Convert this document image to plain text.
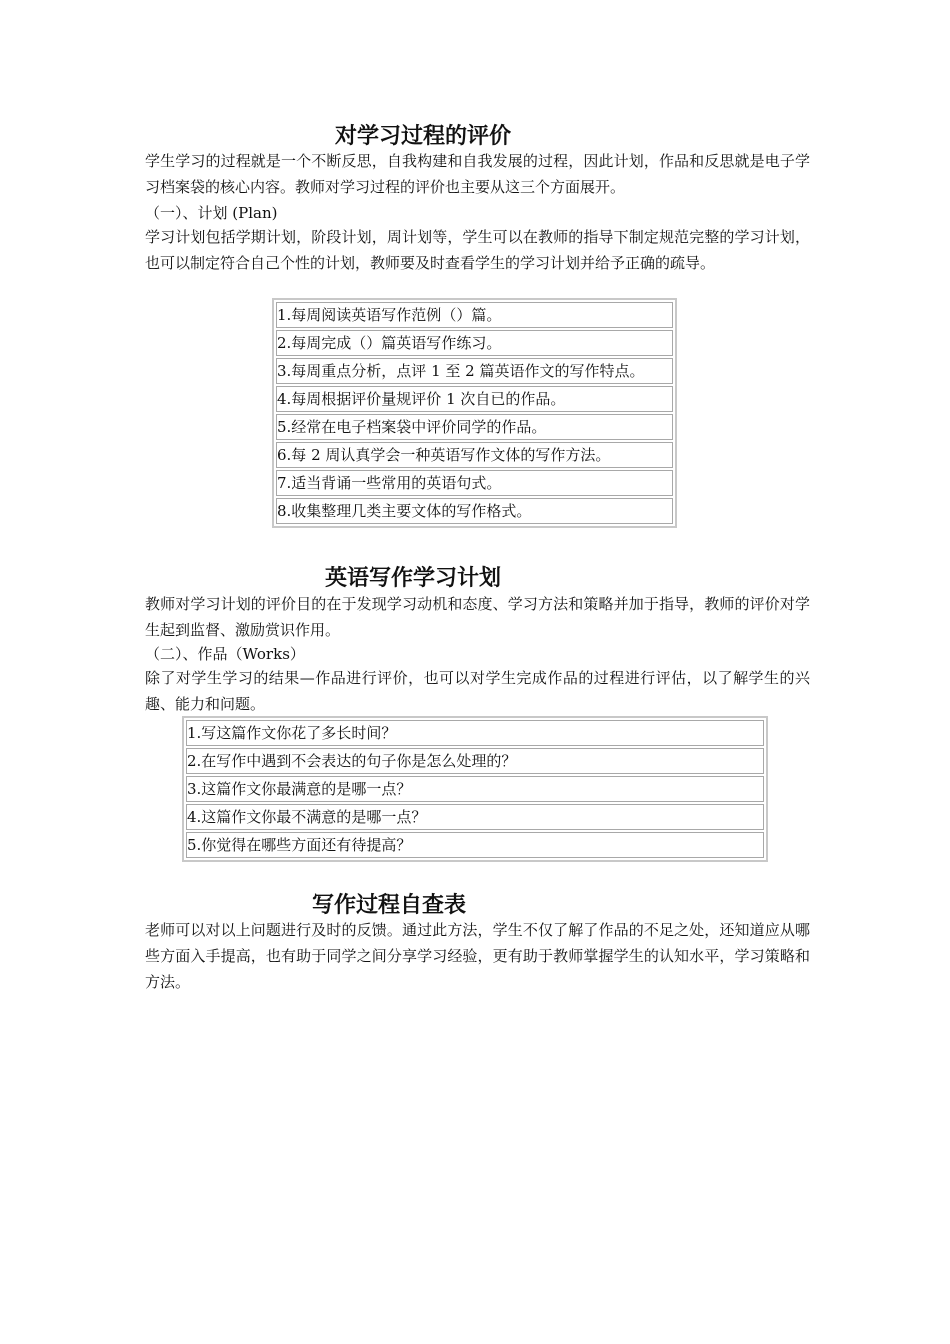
对学习过程的评价

学生学习的过程就是一个不断反思，自我构建和自我发展的过程，因此计划，作品和反思就是电子学习档案袋的核心内容。教师对学习过程的评价也主要从这三个方面展开。

（一）、计划 (Plan)

学习计划包括学期计划，阶段计划，周计划等，学生可以在教师的指导下制定规范完整的学习计划，也可以制定符合自己个性的计划，教师要及时查看学生的学习计划并给予正确的疏导。

1.每周阅读英语写作范例（）篇。
2.每周完成（）篇英语写作练习。
3.每周重点分析，点评 1 至 2 篇英语作文的写作特点。
4.每周根据评价量规评价 1 次自已的作品。
5.经常在电子档案袋中评价同学的作品。
6.每 2 周认真学会一种英语写作文体的写作方法。
7.适当背诵一些常用的英语句式。
8.收集整理几类主要文体的写作格式。
英语写作学习计划

教师对学习计划的评价目的在于发现学习动机和态度、学习方法和策略并加于指导，教师的评价对学生起到监督、激励赏识作用。

（二）、作品（Works）

除了对学生学习的结果—作品进行评价，也可以对学生完成作品的过程进行评估，以了解学生的兴趣、能力和问题。

1.写这篇作文你花了多长时间？
2.在写作中遇到不会表达的句子你是怎么处理的？
3.这篇作文你最满意的是哪一点？
4.这篇作文你最不满意的是哪一点？
5.你觉得在哪些方面还有待提高？
写作过程自查表

老师可以对以上问题进行及时的反馈。通过此方法，学生不仅了解了作品的不足之处，还知道应从哪些方面入手提高，也有助于同学之间分享学习经验，更有助于教师掌握学生的认知水平，学习策略和方法。
